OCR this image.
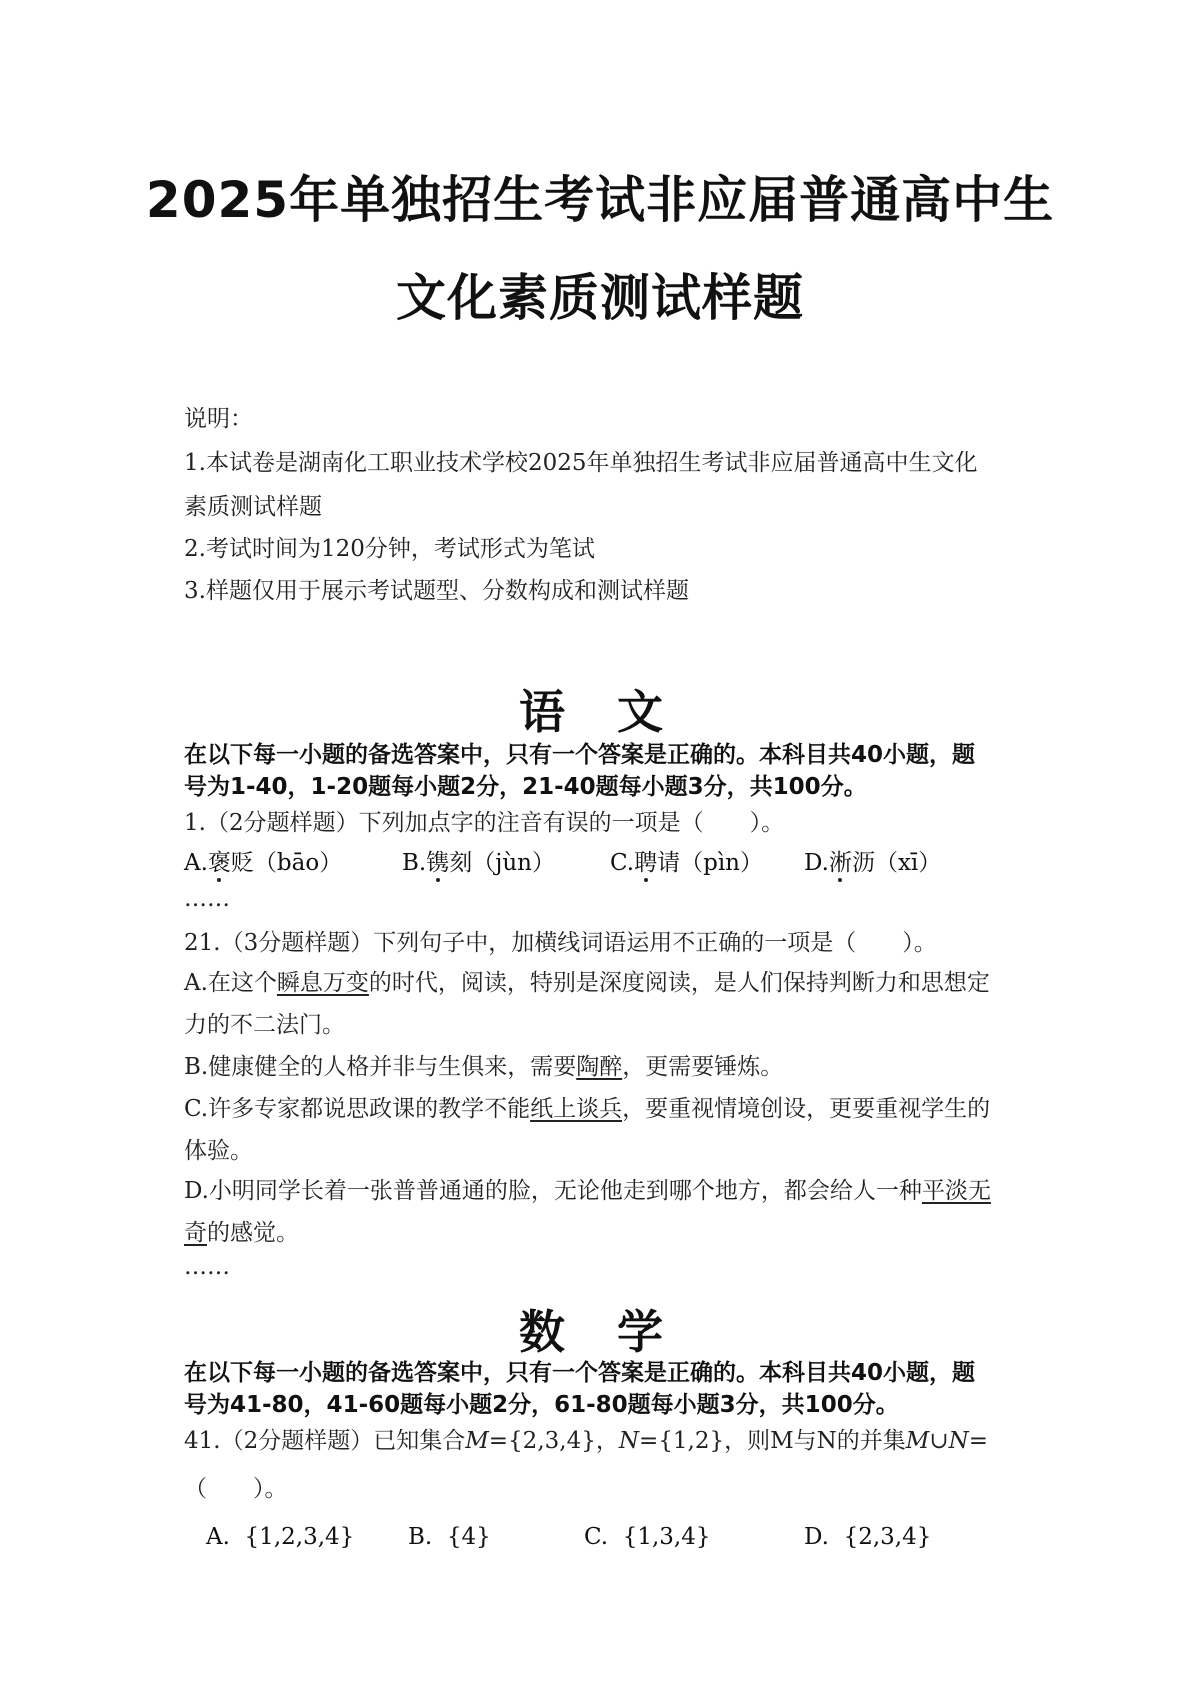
2025年单独招生考试非应届普通高中生
文化素质测试样题
说明：
1.本试卷是湖南化工职业技术学校2025年单独招生考试非应届普通高中生文化
素质测试样题
2.考试时间为120分钟，考试形式为笔试
3.样题仅用于展示考试题型、分数构成和测试样题
语 文
在以下每一小题的备选答案中，只有一个答案是正确的。本科目共40小题，题
号为1-40，1-20题每小题2分，21-40题每小题3分，共100分。
1.（2分题样题）下列加点字的注音有误的一项是（　　）。
A.褒贬（bāo）	B.镌刻（jùn） C.聘请（pìn） D.淅沥（xī）
……
21.（3分题样题）下列句子中，加横线词语运用不正确的一项是（　　）。
A.在这个瞬息万变的时代，阅读，特别是深度阅读，是人们保持判断力和思想定
力的不二法门。
B.健康健全的人格并非与生俱来，需要陶醉，更需要锤炼。
C.许多专家都说思政课的教学不能纸上谈兵，要重视情境创设，更要重视学生的
体验。
D.小明同学长着一张普普通通的脸，无论他走到哪个地方，都会给人一种平淡无
奇的感觉。
……
数 学
在以下每一小题的备选答案中，只有一个答案是正确的。本科目共40小题，题
号为41-80，41-60题每小题2分，61-80题每小题3分，共100分。
41.（2分题样题）已知集合M={2,3,4}，N={1,2}，则M与N的并集M∪N=
（　　）。
A. {1,2,3,4} B. {4}	C. {1,3,4}	D. {2,3,4}
